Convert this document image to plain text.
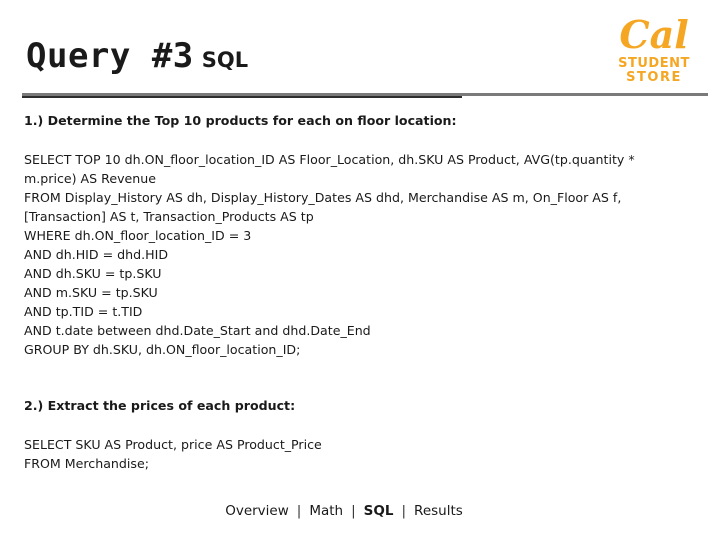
Query #3 SQL
Cal
STUDENT
STORE

1.) Determine the Top 10 products for each on floor location:

SELECT TOP 10 dh.ON_floor_location_ID AS Floor_Location, dh.SKU AS Product, AVG(tp.quantity * m.price) AS Revenue

FROM Display_History AS dh, Display_History_Dates AS dhd, Merchandise AS m, On_Floor AS f, [Transaction] AS t, Transaction_Products AS tp

WHERE dh.ON_floor_location_ID = 3

AND dh.HID = dhd.HID

AND dh.SKU = tp.SKU

AND m.SKU = tp.SKU

AND tp.TID = t.TID

AND t.date between dhd.Date_Start and dhd.Date_End

GROUP BY dh.SKU, dh.ON_floor_location_ID;

2.) Extract the prices of each product:

SELECT SKU AS Product, price AS Product_Price

FROM Merchandise;

Overview | Math | SQL | Results
